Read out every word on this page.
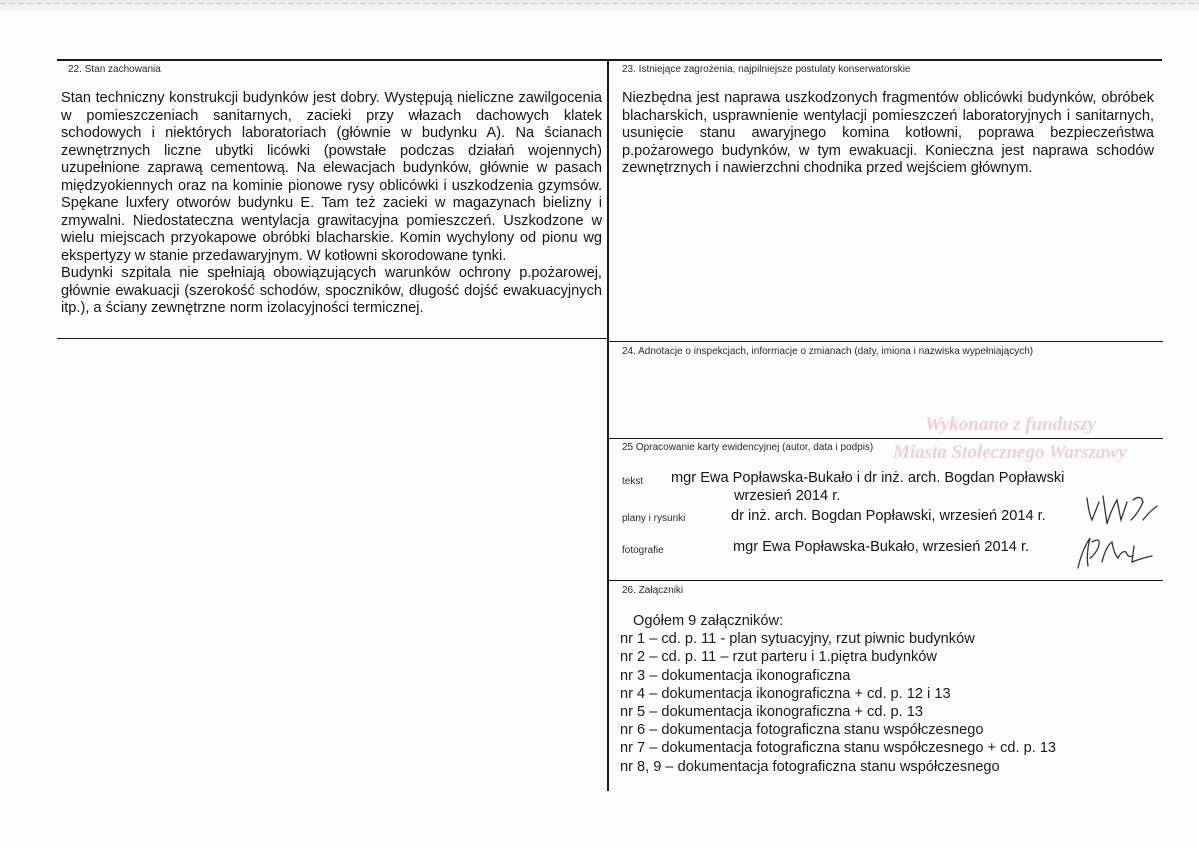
22. Stan zachowania

Stan techniczny konstrukcji budynków jest dobry. Występują nieliczne zawilgocenia w pomieszczeniach sanitarnych, zacieki przy włazach dachowych klatek schodowych i niektórych laboratoriach (głównie w budynku A). Na ścianach zewnętrznych liczne ubytki licówki (powstałe podczas działań wojennych) uzupełnione zaprawą cementową. Na elewacjach budynków, głównie w pasach międzyokiennych oraz na kominie pionowe rysy oblicówki i uszkodzenia gzymsów. Spękane luxfery otworów budynku E. Tam też zacieki w magazynach bielizny i zmywalni. Niedostateczna wentylacja grawitacyjna pomieszczeń. Uszkodzone w wielu miejscach przyokapowe obróbki blacharskie. Komin wychylony od pionu wg ekspertyzy w stanie przedawaryjnym. W kotłowni skorodowane tynki.

Budynki szpitala nie spełniają obowiązujących warunków ochrony p.pożarowej, głównie ewakuacji (szerokość schodów, spoczników, długość dojść ewakuacyjnych itp.), a ściany zewnętrzne norm izolacyjności termicznej.

23. Istniejące zagrożenia, najpilniejsze postulaty konserwatorskie

Niezbędna jest naprawa uszkodzonych fragmentów oblicówki budynków, obróbek blacharskich, usprawnienie wentylacji pomieszczeń laboratoryjnych i sanitarnych, usunięcie stanu awaryjnego komina kotłowni, poprawa bezpieczeństwa p.pożarowego budynków, w tym ewakuacji. Konieczna jest naprawa schodów zewnętrznych i nawierzchni chodnika przed wejściem głównym.

24. Adnotacje o inspekcjach, informacje o zmianach (daty, imiona i nazwiska wypełniających)
Wykonano z funduszy
Miasta Stołecznego Warszawy
25 Opracowanie karty ewidencyjnej (autor, data i podpis)
tekst mgr Ewa Popławska-Bukało i dr inż. arch. Bogdan Popławski
wrzesień 2014 r.
plany i rysunki	dr inż. arch. Bogdan Popławski, wrzesień 2014 r.
fotografie	mgr Ewa Popławska-Bukało, wrzesień 2014 r.
26. Załączniki
Ogółem 9 załączników:
nr 1 – cd. p. 11 - plan sytuacyjny, rzut piwnic budynków
nr 2 – cd. p. 11 – rzut parteru i 1.piętra budynków
nr 3 – dokumentacja ikonograficzna
nr 4 – dokumentacja ikonograficzna + cd. p. 12 i 13
nr 5 – dokumentacja ikonograficzna + cd. p. 13
nr 6 – dokumentacja fotograficzna stanu współczesnego
nr 7 – dokumentacja fotograficzna stanu współczesnego + cd. p. 13
nr 8, 9 – dokumentacja fotograficzna stanu współczesnego
